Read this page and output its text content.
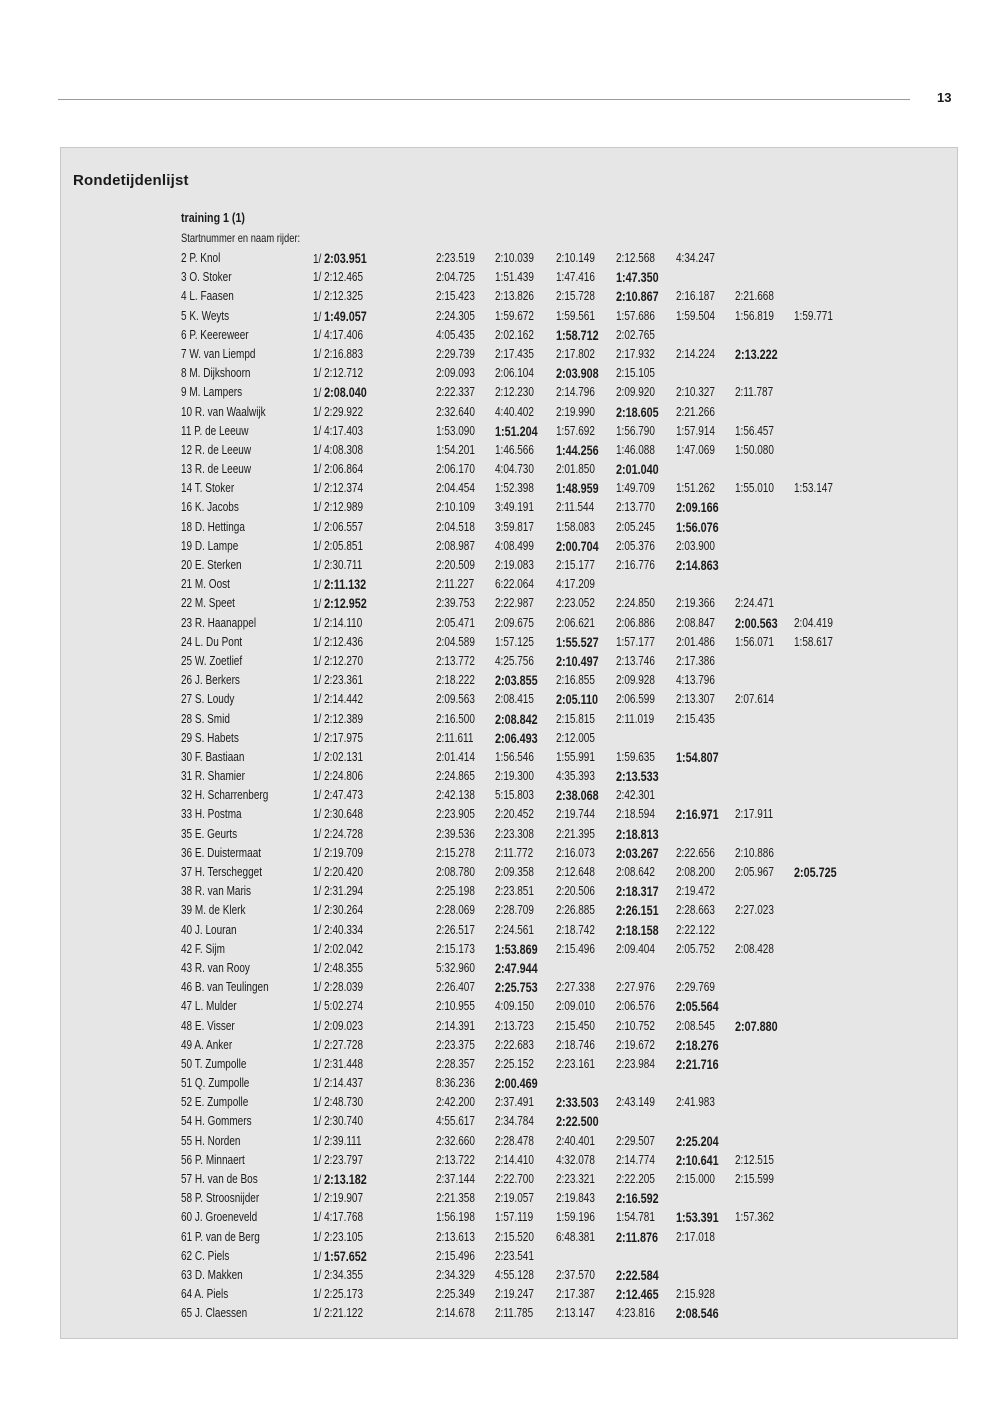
13
Rondetijdenlijst
training 1 (1)
Startnummer en naam rijder:
2 P. Knol	1/ 2:03.951	2:23.519 2:10.039 2:10.149 2:12.568 4:34.247
3 O. Stoker	1/ 2:12.465	2:04.725 1:51.439 1:47.416 1:47.350
4 L. Faasen	1/ 2:12.325	2:15.423 2:13.826 2:15.728 2:10.867 2:16.187 2:21.668
5 K. Weyts	1/ 1:49.057	2:24.305 1:59.672 1:59.561 1:57.686 1:59.504 1:56.819 1:59.771
6 P. Keereweer	1/ 4:17.406	4:05.435 2:02.162 1:58.712 2:02.765
7 W. van Liempd	1/ 2:16.883	2:29.739 2:17.435 2:17.802 2:17.932 2:14.224 2:13.222
8 M. Dijkshoorn	1/ 2:12.712	2:09.093 2:06.104 2:03.908 2:15.105
9 M. Lampers	1/ 2:08.040	2:22.337 2:12.230 2:14.796 2:09.920 2:10.327 2:11.787
10 R. van Waalwijk	1/ 2:29.922	2:32.640 4:40.402 2:19.990 2:18.605 2:21.266
11 P. de Leeuw	1/ 4:17.403	1:53.090 1:51.204 1:57.692 1:56.790 1:57.914 1:56.457
12 R. de Leeuw	1/ 4:08.308	1:54.201 1:46.566 1:44.256 1:46.088 1:47.069 1:50.080
13 R. de Leeuw	1/ 2:06.864	2:06.170 4:04.730 2:01.850 2:01.040
14 T. Stoker	1/ 2:12.374	2:04.454 1:52.398 1:48.959 1:49.709 1:51.262 1:55.010 1:53.147
16 K. Jacobs	1/ 2:12.989	2:10.109 3:49.191 2:11.544 2:13.770 2:09.166
18 D. Hettinga	1/ 2:06.557	2:04.518 3:59.817 1:58.083 2:05.245 1:56.076
19 D. Lampe	1/ 2:05.851	2:08.987 4:08.499 2:00.704 2:05.376 2:03.900
20 E. Sterken	1/ 2:30.711	2:20.509 2:19.083 2:15.177 2:16.776 2:14.863
21 M. Oost	1/ 2:11.132	2:11.227 6:22.064 4:17.209
22 M. Speet	1/ 2:12.952	2:39.753 2:22.987 2:23.052 2:24.850 2:19.366 2:24.471
23 R. Haanappel	1/ 2:14.110	2:05.471 2:09.675 2:06.621 2:06.886 2:08.847 2:00.563 2:04.419
24 L. Du Pont	1/ 2:12.436	2:04.589 1:57.125 1:55.527 1:57.177 2:01.486 1:56.071 1:58.617
25 W. Zoetlief	1/ 2:12.270	2:13.772 4:25.756 2:10.497 2:13.746 2:17.386
26 J. Berkers	1/ 2:23.361	2:18.222 2:03.855 2:16.855 2:09.928 4:13.796
27 S. Loudy	1/ 2:14.442	2:09.563 2:08.415 2:05.110 2:06.599 2:13.307 2:07.614
28 S. Smid	1/ 2:12.389	2:16.500 2:08.842 2:15.815 2:11.019 2:15.435
29 S. Habets	1/ 2:17.975	2:11.611 2:06.493 2:12.005
30 F. Bastiaan	1/ 2:02.131	2:01.414 1:56.546 1:55.991 1:59.635 1:54.807
31 R. Shamier	1/ 2:24.806	2:24.865 2:19.300 4:35.393 2:13.533
32 H. Scharrenberg	1/ 2:47.473	2:42.138 5:15.803 2:38.068 2:42.301
33 H. Postma	1/ 2:30.648	2:23.905 2:20.452 2:19.744 2:18.594 2:16.971 2:17.911
35 E. Geurts	1/ 2:24.728	2:39.536 2:23.308 2:21.395 2:18.813
36 E. Duistermaat	1/ 2:19.709	2:15.278 2:11.772 2:16.073 2:03.267 2:22.656 2:10.886
37 H. Terschegget	1/ 2:20.420	2:08.780 2:09.358 2:12.648 2:08.642 2:08.200 2:05.967 2:05.725
38 R. van Maris	1/ 2:31.294	2:25.198 2:23.851 2:20.506 2:18.317 2:19.472
39 M. de Klerk	1/ 2:30.264	2:28.069 2:28.709 2:26.885 2:26.151 2:28.663 2:27.023
40 J. Louran	1/ 2:40.334	2:26.517 2:24.561 2:18.742 2:18.158 2:22.122
42 F. Sijm	1/ 2:02.042	2:15.173 1:53.869 2:15.496 2:09.404 2:05.752 2:08.428
43 R. van Rooy	1/ 2:48.355	5:32.960 2:47.944
46 B. van Teulingen	1/ 2:28.039	2:26.407 2:25.753 2:27.338 2:27.976 2:29.769
47 L. Mulder	1/ 5:02.274	2:10.955 4:09.150 2:09.010 2:06.576 2:05.564
48 E. Visser	1/ 2:09.023	2:14.391 2:13.723 2:15.450 2:10.752 2:08.545 2:07.880
49 A. Anker	1/ 2:27.728	2:23.375 2:22.683 2:18.746 2:19.672 2:18.276
50 T. Zumpolle	1/ 2:31.448	2:28.357 2:25.152 2:23.161 2:23.984 2:21.716
51 Q. Zumpolle	1/ 2:14.437	8:36.236 2:00.469
52 E. Zumpolle	1/ 2:48.730	2:42.200 2:37.491 2:33.503 2:43.149 2:41.983
54 H. Gommers	1/ 2:30.740	4:55.617 2:34.784 2:22.500
55 H. Norden	1/ 2:39.111	2:32.660 2:28.478 2:40.401 2:29.507 2:25.204
56 P. Minnaert	1/ 2:23.797	2:13.722 2:14.410 4:32.078 2:14.774 2:10.641 2:12.515
57 H. van de Bos	1/ 2:13.182	2:37.144 2:22.700 2:23.321 2:22.205 2:15.000 2:15.599
58 P. Stroosnijder	1/ 2:19.907	2:21.358 2:19.057 2:19.843 2:16.592
60 J. Groeneveld	1/ 4:17.768	1:56.198 1:57.119 1:59.196 1:54.781 1:53.391 1:57.362
61 P. van de Berg	1/ 2:23.105	2:13.613 2:15.520 6:48.381 2:11.876 2:17.018
62 C. Piels	1/ 1:57.652	2:15.496 2:23.541
63 D. Makken	1/ 2:34.355	2:34.329 4:55.128 2:37.570 2:22.584
64 A. Piels	1/ 2:25.173	2:25.349 2:19.247 2:17.387 2:12.465 2:15.928
65 J. Claessen	1/ 2:21.122	2:14.678 2:11.785 2:13.147 4:23.816 2:08.546
